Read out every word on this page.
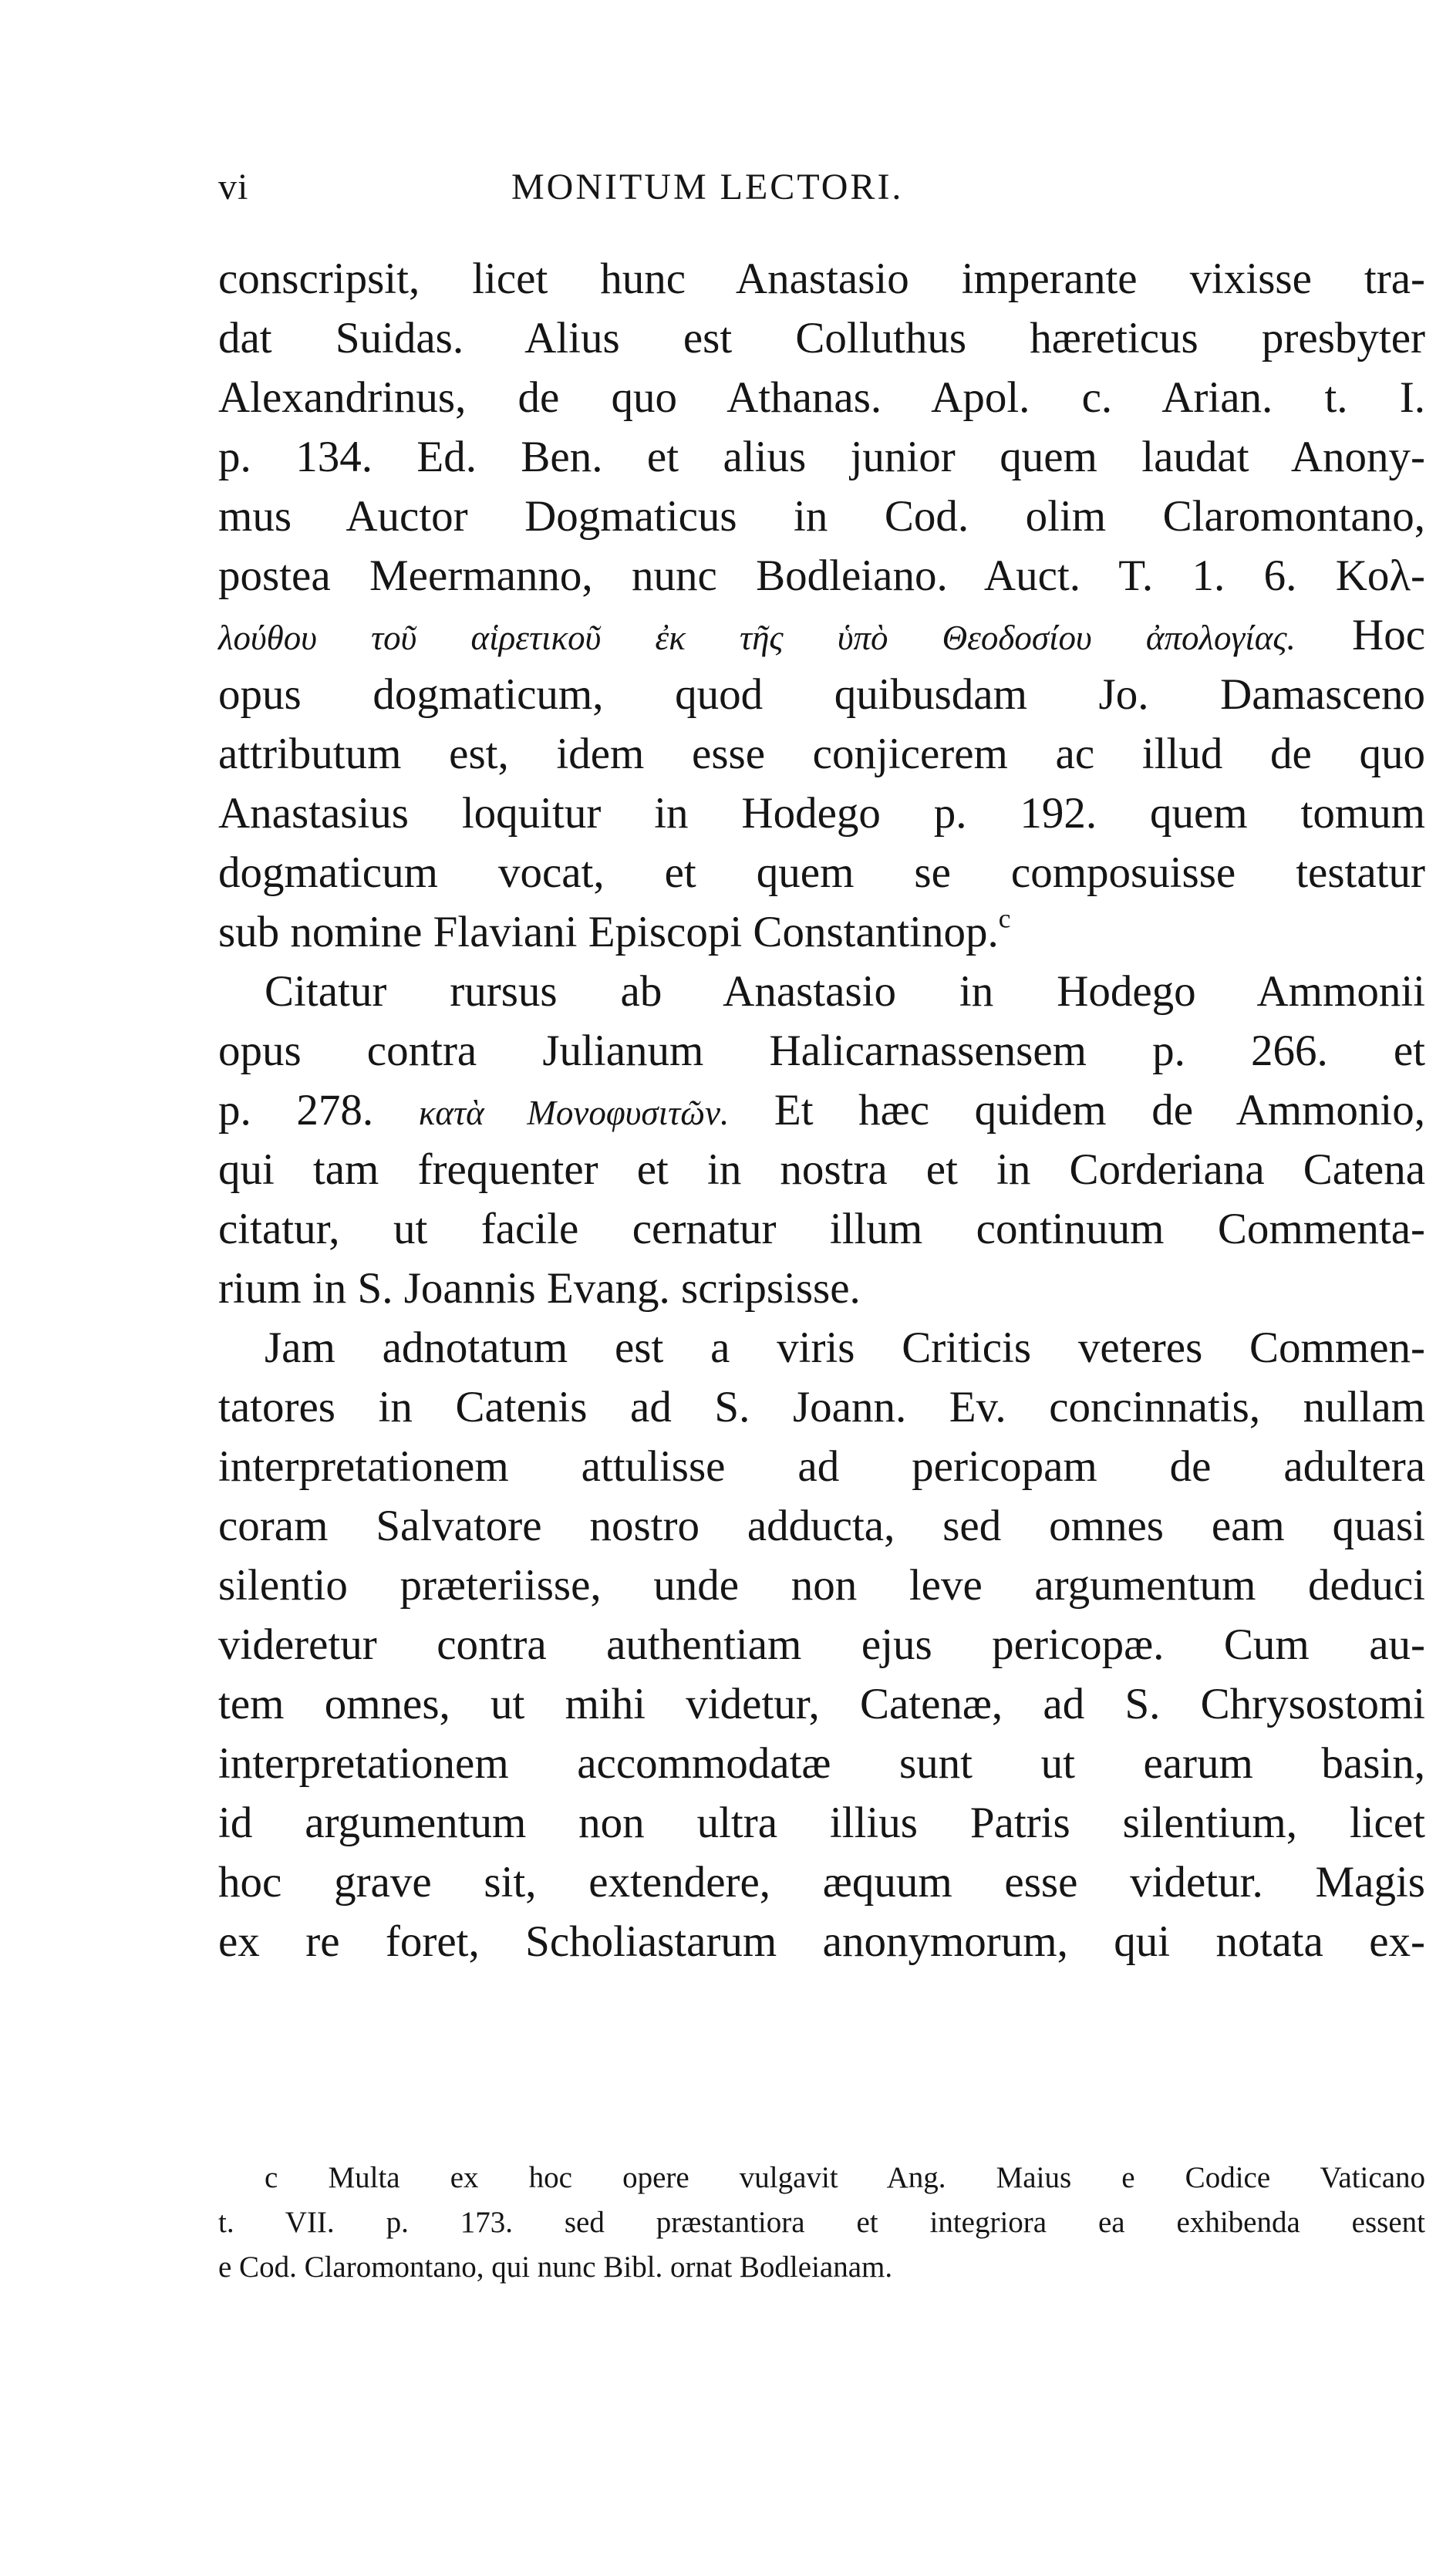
vi	MONITUM LECTORI.
conscripsit, licet hunc Anastasio imperante vixisse tra-
dat Suidas. Alius est Colluthus hæreticus presbyter
Alexandrinus, de quo Athanas. Apol. c. Arian. t. I.
p. 134. Ed. Ben. et alius junior quem laudat Anony-
mus Auctor Dogmaticus in Cod. olim Claromontano,
postea Meermanno, nunc Bodleiano. Auct. T. 1. 6. Κολ-
λούθου τοῦ αἱρετικοῦ ἐκ τῆς ὑπὸ Θεοδοσίου ἀπολογίας. Hoc
opus dogmaticum, quod quibusdam Jo. Damasceno
attributum est, idem esse conjicerem ac illud de quo
Anastasius loquitur in Hodego p. 192. quem tomum
dogmaticum vocat, et quem se composuisse testatur
sub nomine Flaviani Episcopi Constantinop.$^c$
Citatur rursus ab Anastasio in Hodego Ammonii
opus contra Julianum Halicarnassensem p. 266. et
p. 278. κατὰ Μονοφυσιτῶν. Et hæc quidem de Ammonio,
qui tam frequenter et in nostra et in Corderiana Catena
citatur, ut facile cernatur illum continuum Commenta-
rium in S. Joannis Evang. scripsisse.
Jam adnotatum est a viris Criticis veteres Commen-
tatores in Catenis ad S. Joann. Ev. concinnatis, nullam
interpretationem attulisse ad pericopam de adultera
coram Salvatore nostro adducta, sed omnes eam quasi
silentio præteriisse, unde non leve argumentum deduci
videretur contra authentiam ejus pericopæ. Cum au-
tem omnes, ut mihi videtur, Catenæ, ad S. Chrysostomi
interpretationem accommodatæ sunt ut earum basin,
id argumentum non ultra illius Patris silentium, licet
hoc grave sit, extendere, æquum esse videtur. Magis
ex re foret, Scholiastarum anonymorum, qui notata ex-
c Multa ex hoc opere vulgavit Ang. Maius e Codice Vaticano
t. VII. p. 173. sed præstantiora et integriora ea exhibenda essent
e Cod. Claromontano, qui nunc Bibl. ornat Bodleianam.
